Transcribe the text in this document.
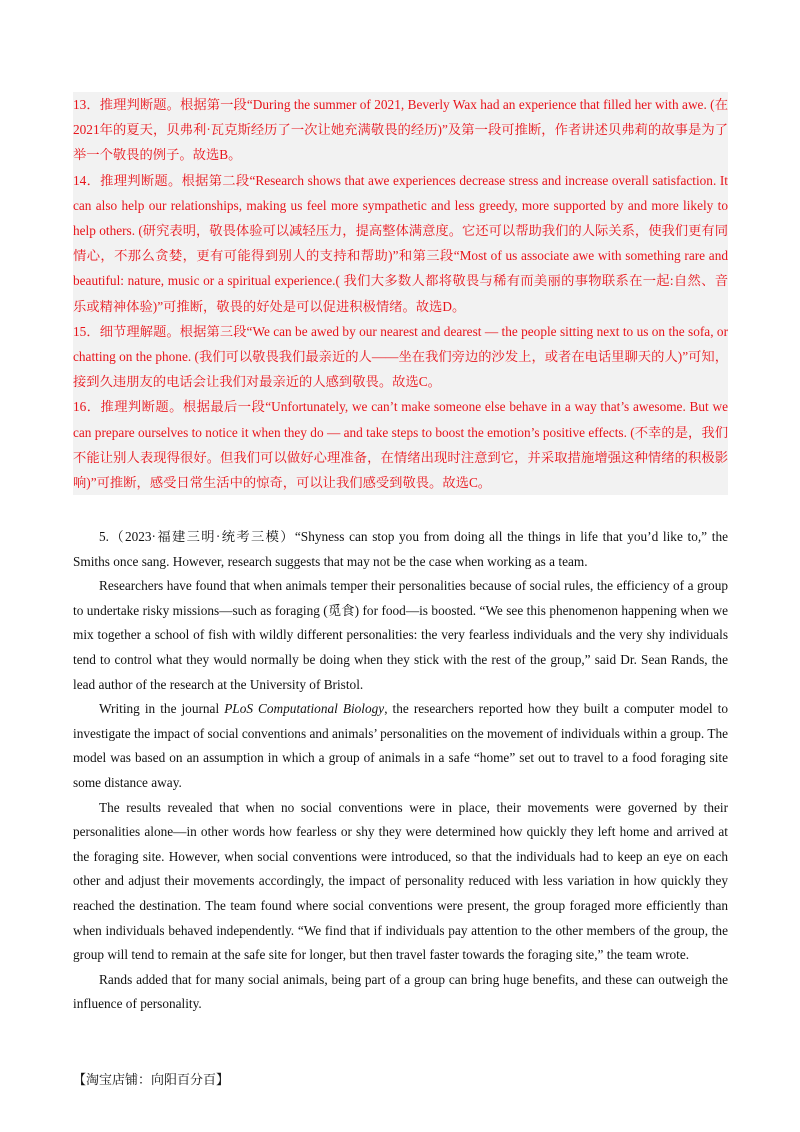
13．推理判断题。根据第一段“During the summer of 2021, Beverly Wax had an experience that filled her with awe. (在2021年的夏天，贝弗利·瓦克斯经历了一次让她充满敬畏的经历)”及第一段可推断，作者讲述贝弗莉的故事是为了举一个敬畏的例子。故选B。

14．推理判断题。根据第二段“Research shows that awe experiences decrease stress and increase overall satisfaction. It can also help our relationships, making us feel more sympathetic and less greedy, more supported by and more likely to help others. (研究表明，敬畏体验可以减轻压力，提高整体满意度。它还可以帮助我们的人际关系，使我们更有同情心，不那么贪婪，更有可能得到别人的支持和帮助)”和第三段“Most of us associate awe with something rare and beautiful: nature, music or a spiritual experience.( 我们大多数人都将敬畏与稀有而美丽的事物联系在一起:自然、音乐或精神体验)”可推断，敬畏的好处是可以促进积极情绪。故选D。

15．细节理解题。根据第三段“We can be awed by our nearest and dearest — the people sitting next to us on the sofa, or chatting on the phone. (我们可以敬畏我们最亲近的人——坐在我们旁边的沙发上，或者在电话里聊天的人)”可知，接到久违朋友的电话会让我们对最亲近的人感到敬畏。故选C。

16．推理判断题。根据最后一段“Unfortunately, we can’t make someone else behave in a way that’s awesome. But we can prepare ourselves to notice it when they do — and take steps to boost the emotion’s positive effects. (不幸的是，我们不能让别人表现得很好。但我们可以做好心理准备，在情绪出现时注意到它，并采取措施增强这种情绪的积极影响)”可推断，感受日常生活中的惊奇，可以让我们感受到敬畏。故选C。

5.（2023·福建三明·统考三模）“Shyness can stop you from doing all the things in life that you’d like to,” the Smiths once sang. However, research suggests that may not be the case when working as a team.

Researchers have found that when animals temper their personalities because of social rules, the efficiency of a group to undertake risky missions—such as foraging (觅食) for food—is boosted. “We see this phenomenon happening when we mix together a school of fish with wildly different personalities: the very fearless individuals and the very shy individuals tend to control what they would normally be doing when they stick with the rest of the group,” said Dr. Sean Rands, the lead author of the research at the University of Bristol.

Writing in the journal PLoS Computational Biology, the researchers reported how they built a computer model to investigate the impact of social conventions and animals’ personalities on the movement of individuals within a group. The model was based on an assumption in which a group of animals in a safe “home” set out to travel to a food foraging site some distance away.

The results revealed that when no social conventions were in place, their movements were governed by their personalities alone—in other words how fearless or shy they were determined how quickly they left home and arrived at the foraging site. However, when social conventions were introduced, so that the individuals had to keep an eye on each other and adjust their movements accordingly, the impact of personality reduced with less variation in how quickly they reached the destination. The team found where social conventions were present, the group foraged more efficiently than when individuals behaved independently. “We find that if individuals pay attention to the other members of the group, the group will tend to remain at the safe site for longer, but then travel faster towards the foraging site,” the team wrote.

Rands added that for many social animals, being part of a group can bring huge benefits, and these can outweigh the influence of personality.

【淘宝店铺：向阳百分百】
